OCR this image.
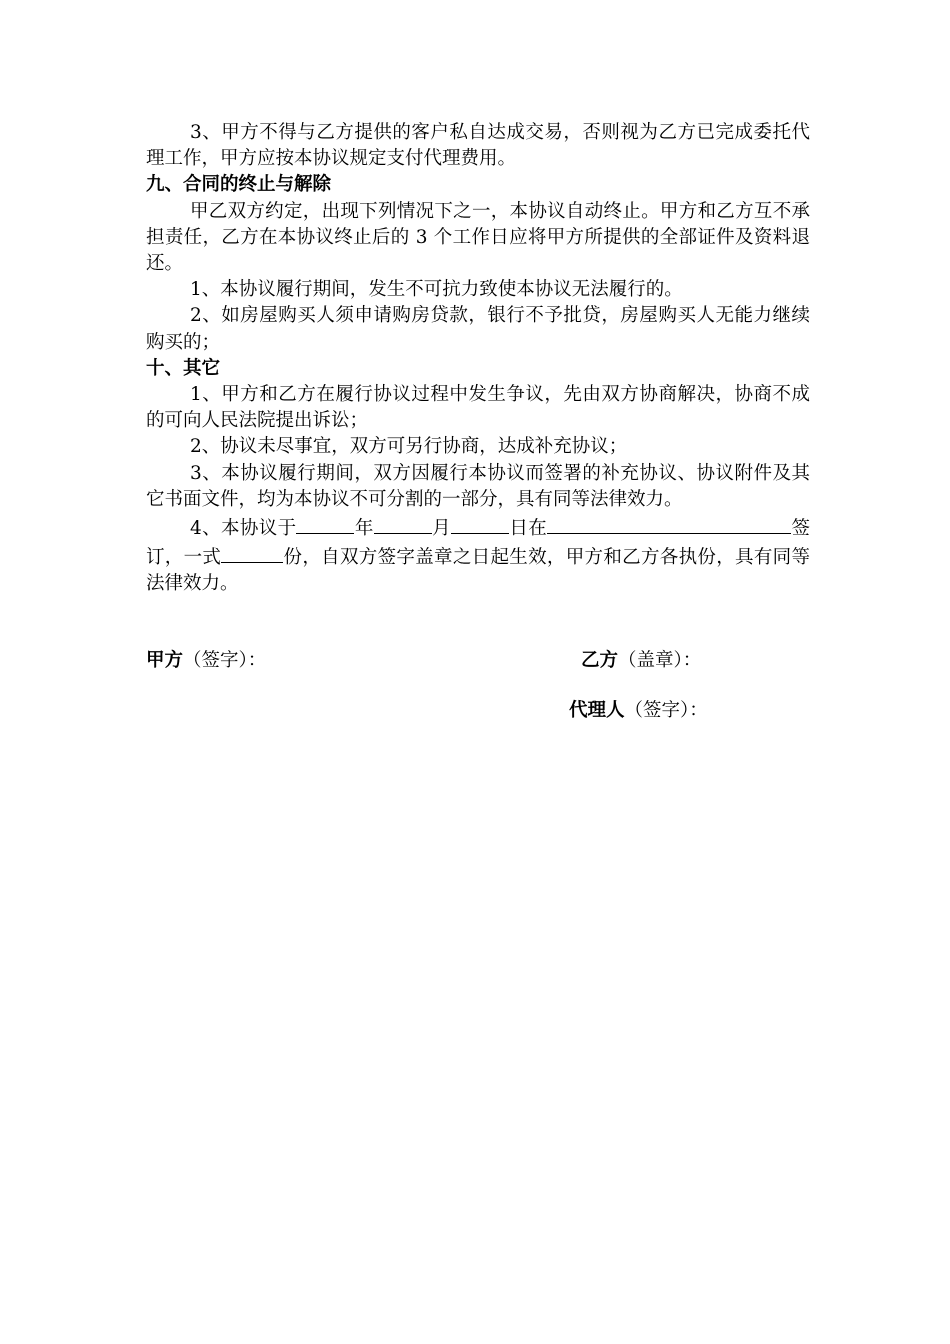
3、甲方不得与乙方提供的客户私自达成交易，否则视为乙方已完成委托代理工作，甲方应按本协议规定支付代理费用。

九、合同的终止与解除

甲乙双方约定，出现下列情况下之一，本协议自动终止。甲方和乙方互不承担责任，乙方在本协议终止后的 3 个工作日应将甲方所提供的全部证件及资料退还。

1、本协议履行期间，发生不可抗力致使本协议无法履行的。

2、如房屋购买人须申请购房贷款，银行不予批贷，房屋购买人无能力继续购买的；

十、其它

1、甲方和乙方在履行协议过程中发生争议，先由双方协商解决，协商不成的可向人民法院提出诉讼；

2、协议未尽事宜，双方可另行协商，达成补充协议；

3、本协议履行期间，双方因履行本协议而签署的补充协议、协议附件及其它书面文件，均为本协议不可分割的一部分，具有同等法律效力。

4、本协议于	年	月	日在	签订，一式	份，自双方签字盖章之日起生效，甲方和乙方各执份，具有同等法律效力。

甲方（签字）：	乙方（盖章）：
代理人（签字）：
